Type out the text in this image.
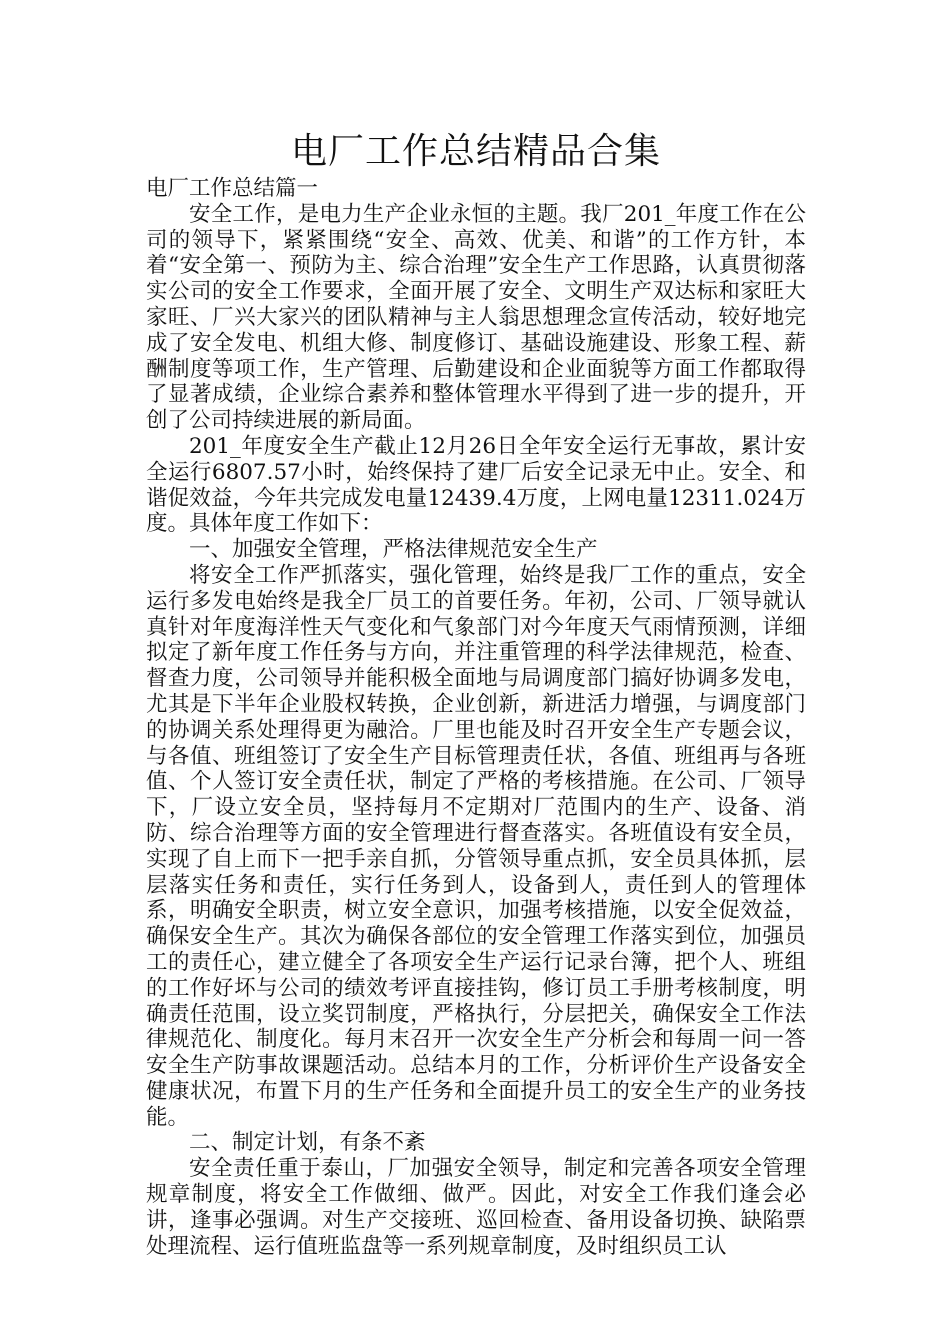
电厂工作总结精品合集

电厂工作总结篇一

安全工作，是电力生产企业永恒的主题。我厂201_年度工作在公司的领导下，紧紧围绕“安全、高效、优美、和谐”的工作方针，本着“安全第一、预防为主、综合治理”安全生产工作思路，认真贯彻落实公司的安全工作要求，全面开展了安全、文明生产双达标和家旺大家旺、厂兴大家兴的团队精神与主人翁思想理念宣传活动，较好地完成了安全发电、机组大修、制度修订、基础设施建设、形象工程、薪酬制度等项工作，生产管理、后勤建设和企业面貌等方面工作都取得了显著成绩，企业综合素养和整体管理水平得到了进一步的提升，开创了公司持续进展的新局面。

201_年度安全生产截止12月26日全年安全运行无事故，累计安全运行6807.57小时，始终保持了建厂后安全记录无中止。安全、和谐促效益，今年共完成发电量12439.4万度，上网电量12311.024万度。具体年度工作如下：

一、加强安全管理，严格法律规范安全生产

将安全工作严抓落实，强化管理，始终是我厂工作的重点，安全运行多发电始终是我全厂员工的首要任务。年初，公司、厂领导就认真针对年度海洋性天气变化和气象部门对今年度天气雨情预测，详细拟定了新年度工作任务与方向，并注重管理的科学法律规范，检查、督查力度，公司领导并能积极全面地与局调度部门搞好协调多发电，尤其是下半年企业股权转换，企业创新，新进活力增强，与调度部门的协调关系处理得更为融洽。厂里也能及时召开安全生产专题会议，与各值、班组签订了安全生产目标管理责任状，各值、班组再与各班值、个人签订安全责任状，制定了严格的考核措施。在公司、厂领导下，厂设立安全员，坚持每月不定期对厂范围内的生产、设备、消防、综合治理等方面的安全管理进行督查落实。各班值设有安全员，实现了自上而下一把手亲自抓，分管领导重点抓，安全员具体抓，层层落实任务和责任，实行任务到人，设备到人，责任到人的管理体系，明确安全职责，树立安全意识，加强考核措施，以安全促效益，确保安全生产。其次为确保各部位的安全管理工作落实到位，加强员工的责任心，建立健全了各项安全生产运行记录台簿，把个人、班组的工作好坏与公司的绩效考评直接挂钩，修订员工手册考核制度，明确责任范围，设立奖罚制度，严格执行，分层把关，确保安全工作法律规范化、制度化。每月末召开一次安全生产分析会和每周一问一答安全生产防事故课题活动。总结本月的工作，分析评价生产设备安全健康状况，布置下月的生产任务和全面提升员工的安全生产的业务技能。

二、制定计划，有条不紊

安全责任重于泰山，厂加强安全领导，制定和完善各项安全管理规章制度，将安全工作做细、做严。因此，对安全工作我们逢会必讲，逢事必强调。对生产交接班、巡回检查、备用设备切换、缺陷票处理流程、运行值班监盘等一系列规章制度，及时组织员工认
